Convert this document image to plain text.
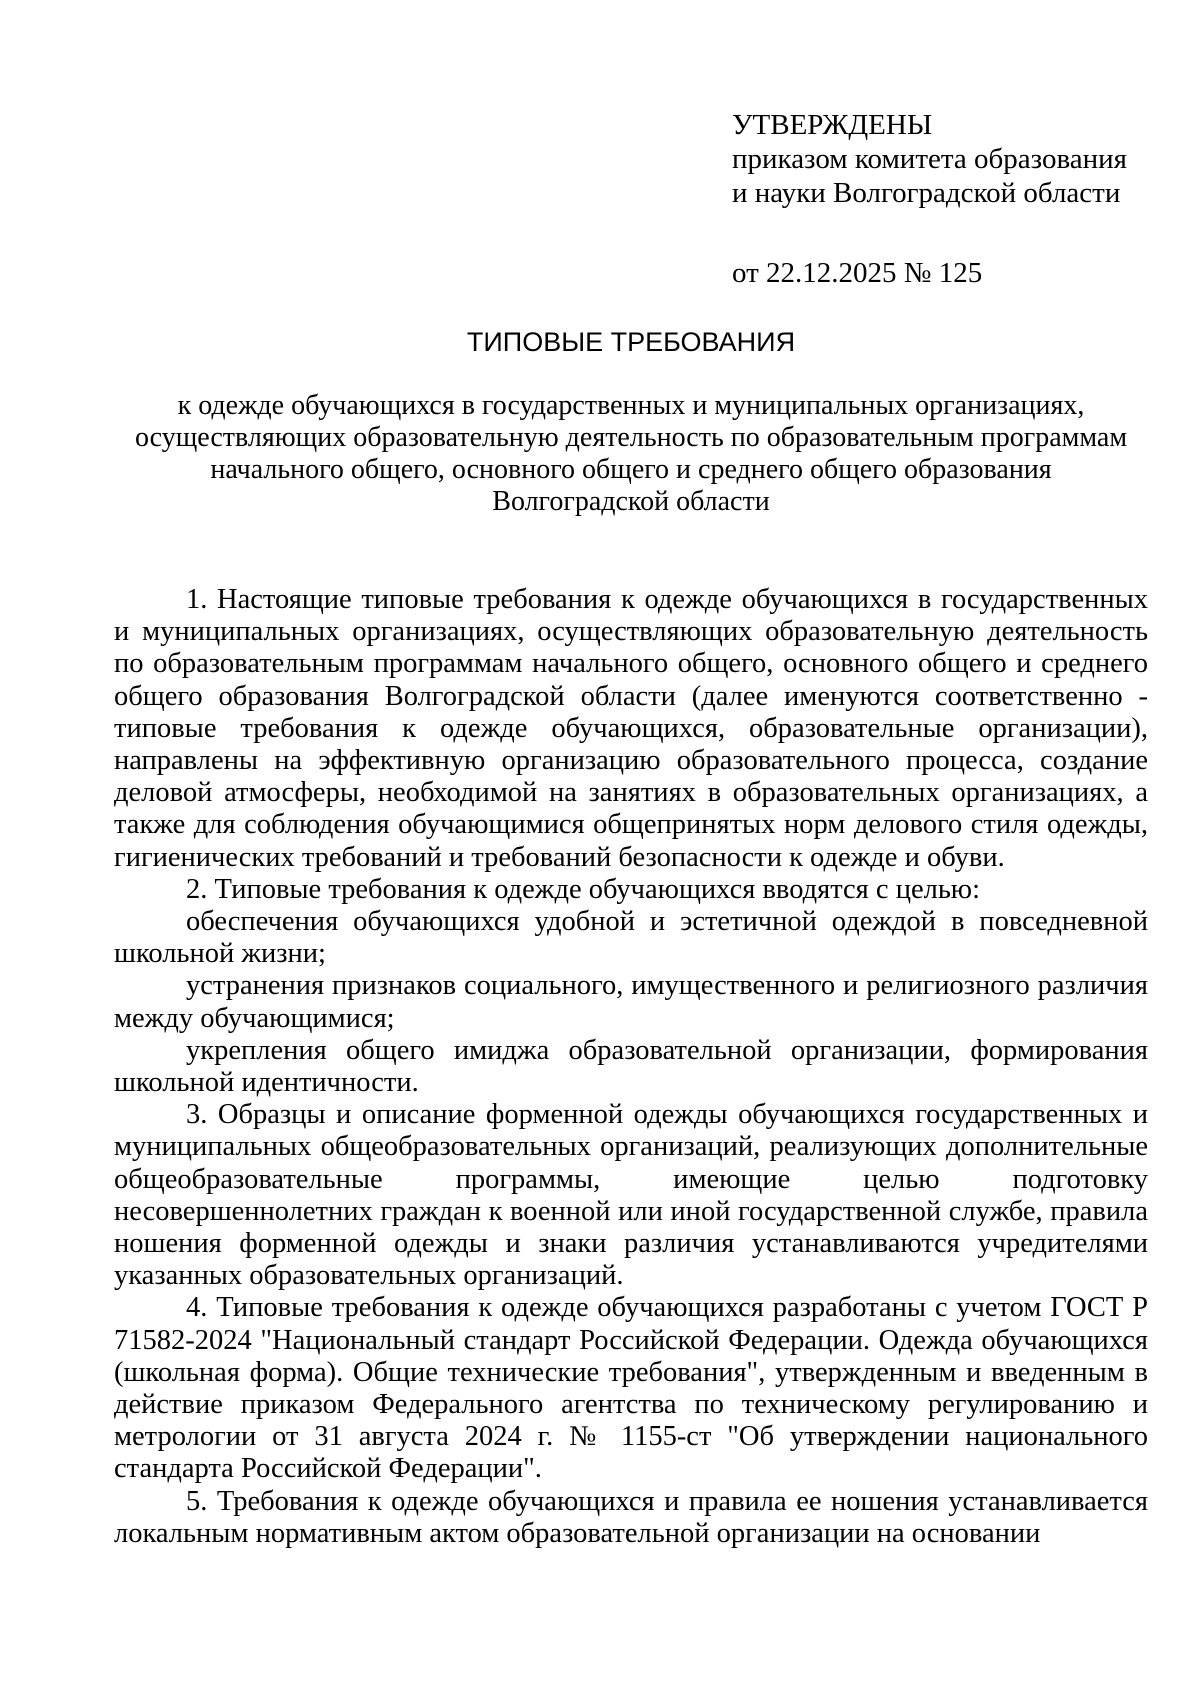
УТВЕРЖДЕНЫ
приказом комитета образования
и науки Волгоградской области
от 22.12.2025 № 125
ТИПОВЫЕ ТРЕБОВАНИЯ
к одежде обучающихся в государственных и муниципальных организациях,
осуществляющих образовательную деятельность по образовательным программам
начального общего, основного общего и среднего общего образования
Волгоградской области

1. Настоящие типовые требования к одежде обучающихся в государственных и муниципальных организациях, осуществляющих образовательную деятельность по образовательным программам начального общего, основного общего и среднего общего образования Волгоградской области (далее именуются соответственно - типовые требования к одежде обучающихся, образовательные организации), направлены на эффективную организацию образовательного процесса, создание деловой атмосферы, необходимой на занятиях в образовательных организациях, а также для соблюдения обучающимися общепринятых норм делового стиля одежды, гигиенических требований и требований безопасности к одежде и обуви.

2. Типовые требования к одежде обучающихся вводятся с целью:

обеспечения обучающихся удобной и эстетичной одеждой в повседневной школьной жизни;

устранения признаков социального, имущественного и религиозного различия между обучающимися;

укрепления общего имиджа образовательной организации, формирования школьной идентичности.

3. Образцы и описание форменной одежды обучающихся государственных и муниципальных общеобразовательных организаций, реализующих дополнительные общеобразовательные программы, имеющие целью подготовку несовершеннолетних граждан к военной или иной государственной службе, правила ношения форменной одежды и знаки различия устанавливаются учредителями указанных образовательных организаций.

4. Типовые требования к одежде обучающихся разработаны с учетом ГОСТ Р 71582-2024 "Национальный стандарт Российской Федерации. Одежда обучающихся (школьная форма). Общие технические требования", утвержденным и введенным в действие приказом Федерального агентства по техническому регулированию и метрологии от 31 августа 2024 г. № 1155-ст "Об утверждении национального стандарта Российской Федерации".

5. Требования к одежде обучающихся и правила ее ношения устанавливается локальным нормативным актом образовательной организации на основании
